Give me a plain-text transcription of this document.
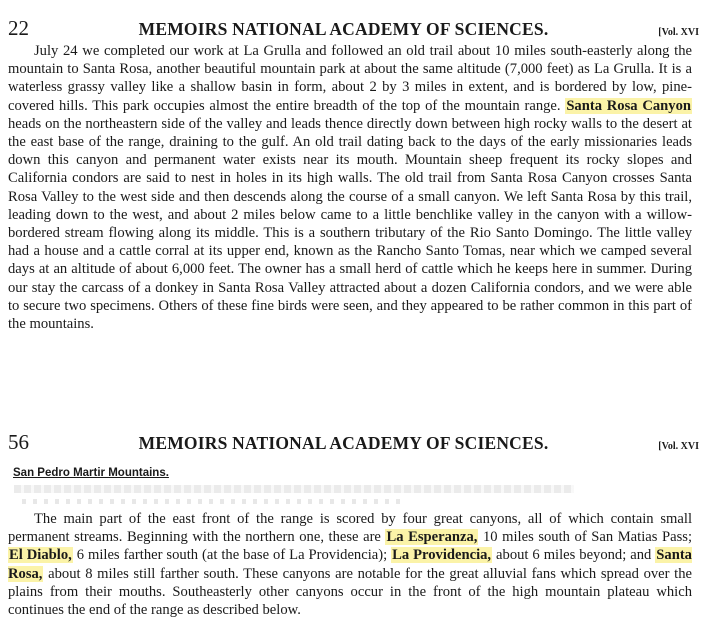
22	MEMOIRS NATIONAL ACADEMY OF SCIENCES.	[Vol. XVI

July 24 we completed our work at La Grulla and followed an old trail about 10 miles south-easterly along the mountain to Santa Rosa, another beautiful mountain park at about the same altitude (7,000 feet) as La Grulla. It is a waterless grassy valley like a shallow basin in form, about 2 by 3 miles in extent, and is bordered by low, pine-covered hills. This park occupies almost the entire breadth of the top of the mountain range. Santa Rosa Canyon heads on the northeastern side of the valley and leads thence directly down between high rocky walls to the desert at the east base of the range, draining to the gulf. An old trail dating back to the days of the early missionaries leads down this canyon and permanent water exists near its mouth. Mountain sheep frequent its rocky slopes and California condors are said to nest in holes in its high walls. The old trail from Santa Rosa Canyon crosses Santa Rosa Valley to the west side and then descends along the course of a small canyon. We left Santa Rosa by this trail, leading down to the west, and about 2 miles below came to a little benchlike valley in the canyon with a willow-bordered stream flowing along its middle. This is a southern tributary of the Rio Santo Domingo. The little valley had a house and a cattle corral at its upper end, known as the Rancho Santo Tomas, near which we camped several days at an altitude of about 6,000 feet. The owner has a small herd of cattle which he keeps here in summer. During our stay the carcass of a donkey in Santa Rosa Valley attracted about a dozen California condors, and we were able to secure two specimens. Others of these fine birds were seen, and they appeared to be rather common in this part of the mountains.

56	MEMOIRS NATIONAL ACADEMY OF SCIENCES.	[Vol. XVI
San Pedro Martir Mountains.

The main part of the east front of the range is scored by four great canyons, all of which contain small permanent streams. Beginning with the northern one, these are La Esperanza, 10 miles south of San Matias Pass; El Diablo, 6 miles farther south (at the base of La Providencia); La Providencia, about 6 miles beyond; and Santa Rosa, about 8 miles still farther south. These canyons are notable for the great alluvial fans which spread over the plains from their mouths. Southeasterly other canyons occur in the front of the high mountain plateau which continues the end of the range as described below.
